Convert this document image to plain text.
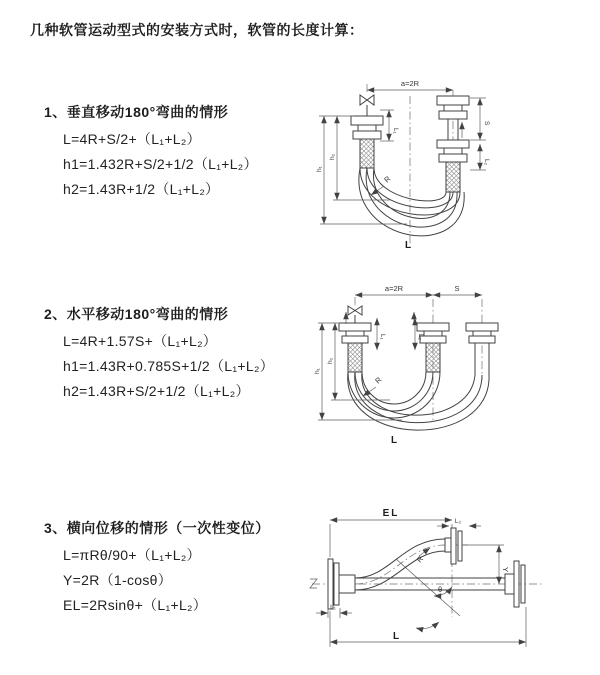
几种软管运动型式的安装方式时，软管的长度计算：
1、垂直移动180°弯曲的情形
L=4R+S/2+（L₁+L₂）
h1=1.432R+S/2+1/2（L₁+L₂）
h2=1.43R+1/2（L₁+L₂）
2、水平移动180°弯曲的情形
L=4R+1.57S+（L₁+L₂）
h1=1.43R+0.785S+1/2（L₁+L₂）
h2=1.43R+S/2+1/2（L₁+L₂）
3、横向位移的情形（一次性变位）
L=πRθ/90+（L₁+L₂）
Y=2R（1-cosθ）
EL=2Rsinθ+（L₁+L₂）
a=2R
L₁
S
L₂
h₁
h₂
R
L
a=2R	S
L₁	L₂
h₁
h₂
R
L
EL
L₂
Y
L₁
R
θ
L
